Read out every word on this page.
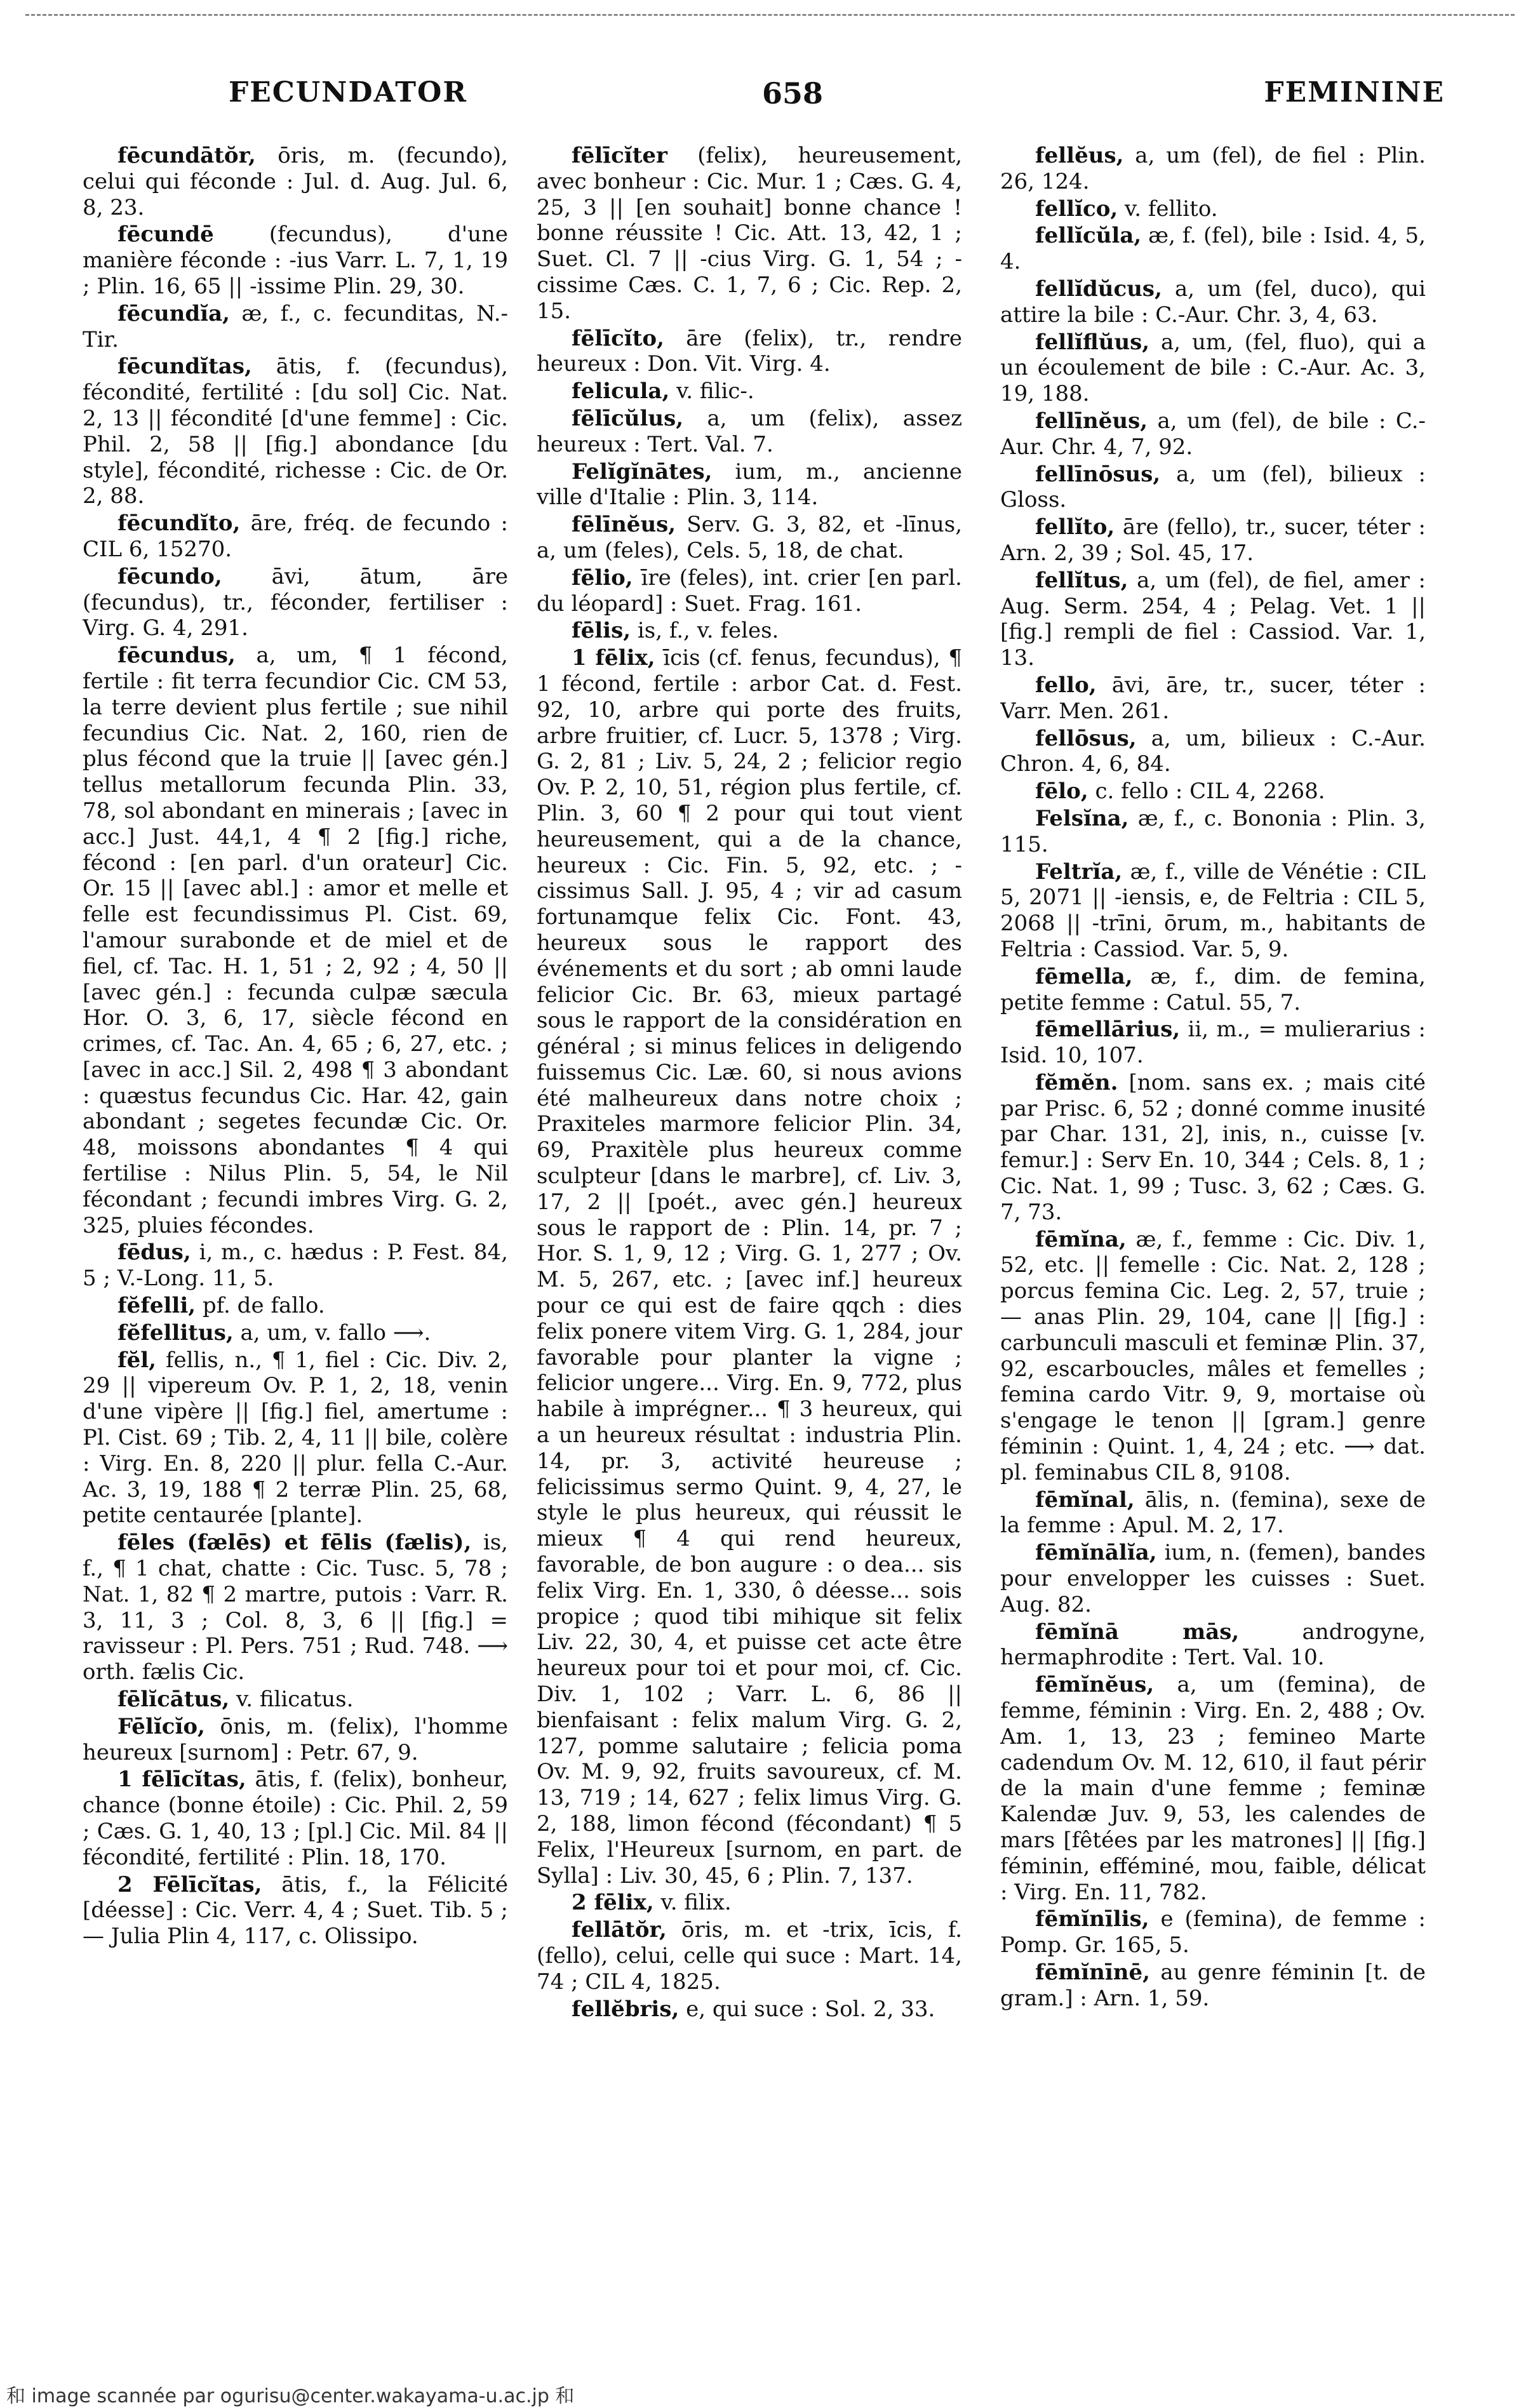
FECUNDATOR	658	FEMININE

fēcundātŏr, ōris, m. (fecundo), celui qui féconde : Jul. d. Aug. Jul. 6, 8, 23.

fēcundē	(fecundus), d'une manière féconde : -ius Varr. L. 7, 1, 19 ; Plin. 16, 65 || -issime Plin. 29, 30.

fēcundĭa, æ, f., c. fecunditas, N.-Tir.

fēcundĭtas, ātis, f. (fecundus), fécondité, fertilité : [du sol] Cic. Nat. 2, 13 || fécondité [d'une femme] : Cic. Phil. 2, 58 || [fig.] abondance [du style], fécondité, richesse : Cic. de Or. 2, 88.

fēcundĭto, āre, fréq. de fecundo : CIL 6, 15270.

fēcundo, āvi, ātum, āre (fecundus), tr., féconder, fertiliser : Virg. G. 4, 291.

fēcundus, a, um, ¶ 1 fécond, fertile : fit terra fecundior Cic. CM 53, la terre devient plus fertile ; sue nihil fecundius Cic. Nat. 2, 160, rien de plus fécond que la truie || [avec gén.] tellus metallorum fecunda Plin. 33, 78, sol abondant en minerais ; [avec in acc.] Just. 44,1, 4 ¶ 2 [fig.] riche, fécond : [en parl. d'un orateur] Cic. Or. 15 || [avec abl.] : amor et melle et felle est fecundissimus Pl. Cist. 69, l'amour surabonde et de miel et de fiel, cf. Tac. H. 1, 51 ; 2, 92 ; 4, 50 || [avec gén.] : fecunda culpæ sæcula Hor. O. 3, 6, 17, siècle fécond en crimes, cf. Tac. An. 4, 65 ; 6, 27, etc. ; [avec in acc.] Sil. 2, 498 ¶ 3 abondant : quæstus fecundus Cic. Har. 42, gain abondant ; segetes fecundæ Cic. Or. 48, moissons abondantes ¶ 4 qui fertilise : Nilus Plin. 5, 54, le Nil fécondant ; fecundi imbres Virg. G. 2, 325, pluies fécondes.

fēdus, i, m., c. hædus : P. Fest. 84, 5 ; V.-Long. 11, 5.

fĕfelli, pf. de fallo.

fĕfellitus, a, um, v. fallo ⟶.

fĕl, fellis, n., ¶ 1, fiel : Cic. Div. 2, 29 || vipereum Ov. P. 1, 2, 18, venin d'une vipère || [fig.] fiel, amertume : Pl. Cist. 69 ; Tib. 2, 4, 11 || bile, colère : Virg. En. 8, 220 || plur. fella C.-Aur. Ac. 3, 19, 188 ¶ 2 terræ Plin. 25, 68, petite centaurée [plante].

fēles (fælēs) et fēlis (fælis), is, f., ¶ 1 chat, chatte : Cic. Tusc. 5, 78 ; Nat. 1, 82 ¶ 2 martre, putois : Varr. R. 3, 11, 3 ; Col. 8, 3, 6 || [fig.] = ravisseur : Pl. Pers. 751 ; Rud. 748. ⟶ orth. fælis Cic.

fēlĭcātus, v. filicatus.

Fēlĭcĭo, ōnis, m. (felix), l'homme heureux [surnom] : Petr. 67, 9.

1 fēlīcĭtas, ātis, f. (felix), bonheur, chance (bonne étoile) : Cic. Phil. 2, 59 ; Cæs. G. 1, 40, 13 ; [pl.] Cic. Mil. 84 || fécondité, fertilité : Plin. 18, 170.

2 Fēlīcĭtas, ātis, f., la Félicité [déesse] : Cic. Verr. 4, 4 ; Suet. Tib. 5 ; — Julia Plin 4, 117, c. Olissipo.

fēlīcĭter (felix), heureusement, avec bonheur : Cic. Mur. 1 ; Cæs. G. 4, 25, 3 || [en souhait] bonne chance ! bonne réussite ! Cic. Att. 13, 42, 1 ; Suet. Cl. 7 || -cius Virg. G. 1, 54 ; -cissime Cæs. C. 1, 7, 6 ; Cic. Rep. 2, 15.

fēlīcĭto, āre (felix), tr., rendre heureux : Don. Vit. Virg. 4.

felicula, v. filic-.

fēlīcŭlus, a, um (felix), assez heureux : Tert. Val. 7.

Felĭgĭnātes, ium, m., ancienne ville d'Italie : Plin. 3, 114.

fēlīnĕus, Serv. G. 3, 82, et -līnus, a, um (feles), Cels. 5, 18, de chat.

fēlio, īre (feles), int. crier [en parl. du léopard] : Suet. Frag. 161.

fēlis, is, f., v. feles.

1 fēlix, īcis (cf. fenus, fecundus), ¶ 1 fécond, fertile : arbor Cat. d. Fest. 92, 10, arbre qui porte des fruits, arbre fruitier, cf. Lucr. 5, 1378 ; Virg. G. 2, 81 ; Liv. 5, 24, 2 ; felicior regio Ov. P. 2, 10, 51, région plus fertile, cf. Plin. 3, 60 ¶ 2 pour qui tout vient heureusement, qui a de la chance, heureux : Cic. Fin. 5, 92, etc. ; -cissimus Sall. J. 95, 4 ; vir ad casum fortunamque felix Cic. Font. 43, heureux sous le rapport des événements et du sort ; ab omni laude felicior Cic. Br. 63, mieux partagé sous le rapport de la considération en général ; si minus felices in deligendo fuissemus Cic. Læ. 60, si nous avions été malheureux dans notre choix ; Praxiteles marmore felicior Plin. 34, 69, Praxitèle plus heureux comme sculpteur [dans le marbre], cf. Liv. 3, 17, 2 || [poét., avec gén.] heureux sous le rapport de : Plin. 14, pr. 7 ; Hor. S. 1, 9, 12 ; Virg. G. 1, 277 ; Ov. M. 5, 267, etc. ; [avec inf.] heureux pour ce qui est de faire qqch : dies felix ponere vitem Virg. G. 1, 284, jour favorable pour planter la vigne ; felicior ungere... Virg. En. 9, 772, plus habile à imprégner... ¶ 3 heureux, qui a un heureux résultat : industria Plin. 14, pr. 3, activité heureuse ; felicissimus sermo Quint. 9, 4, 27, le style le plus heureux, qui réussit le mieux ¶ 4 qui rend heureux, favorable, de bon augure : o dea... sis felix Virg. En. 1, 330, ô déesse... sois propice ; quod tibi mihique sit felix Liv. 22, 30, 4, et puisse cet acte être heureux pour toi et pour moi, cf. Cic. Div. 1, 102 ; Varr. L. 6, 86 || bienfaisant : felix malum Virg. G. 2, 127, pomme salutaire ; felicia poma Ov. M. 9, 92, fruits savoureux, cf. M. 13, 719 ; 14, 627 ; felix limus Virg. G. 2, 188, limon fécond (fécondant) ¶ 5 Felix, l'Heureux [surnom, en part. de Sylla] : Liv. 30, 45, 6 ; Plin. 7, 137.

2 fēlix, v. filix.

fellātŏr, ōris, m. et -trix, īcis, f. (fello), celui, celle qui suce : Mart. 14, 74 ; CIL 4, 1825.

fellĕbris, e, qui suce : Sol. 2, 33.

fellĕus, a, um (fel), de fiel : Plin. 26, 124.

fellĭco, v. fellito.

fellĭcŭla, æ, f. (fel), bile : Isid. 4, 5, 4.

fellĭdŭcus, a, um (fel, duco), qui attire la bile : C.-Aur. Chr. 3, 4, 63.

fellĭflŭus, a, um, (fel, fluo), qui a un écoulement de bile : C.-Aur. Ac. 3, 19, 188.

fellīnĕus, a, um (fel), de bile : C.-Aur. Chr. 4, 7, 92.

fellīnōsus, a, um (fel), bilieux : Gloss.

fellĭto, āre (fello), tr., sucer, téter : Arn. 2, 39 ; Sol. 45, 17.

fellĭtus, a, um (fel), de fiel, amer : Aug. Serm. 254, 4 ; Pelag. Vet. 1 || [fig.] rempli de fiel : Cassiod. Var. 1, 13.

fello, āvi, āre, tr., sucer, téter : Varr. Men. 261.

fellōsus, a, um, bilieux : C.-Aur. Chron. 4, 6, 84.

fēlo, c. fello : CIL 4, 2268.

Felsĭna, æ, f., c. Bononia : Plin. 3, 115.

Feltrĭa, æ, f., ville de Vénétie : CIL 5, 2071 || -iensis, e, de Feltria : CIL 5, 2068 || -trīni, ōrum, m., habitants de Feltria : Cassiod. Var. 5, 9.

fēmella, æ, f., dim. de femina, petite femme : Catul. 55, 7.

fēmellārius, ii, m., = mulierarius : Isid. 10, 107.

fĕmĕn. [nom. sans ex. ; mais cité par Prisc. 6, 52 ; donné comme inusité par Char. 131, 2], inis, n., cuisse [v. femur.] : Serv En. 10, 344 ; Cels. 8, 1 ; Cic. Nat. 1, 99 ; Tusc. 3, 62 ; Cæs. G. 7, 73.

fēmĭna, æ, f., femme : Cic. Div. 1, 52, etc. || femelle : Cic. Nat. 2, 128 ; porcus femina Cic. Leg. 2, 57, truie ; — anas Plin. 29, 104, cane || [fig.] : carbunculi masculi et feminæ Plin. 37, 92, escarboucles, mâles et femelles ; femina cardo Vitr. 9, 9, mortaise où s'engage le tenon || [gram.] genre féminin : Quint. 1, 4, 24 ; etc. ⟶ dat. pl. feminabus CIL 8, 9108.

fēmĭnal, ālis, n. (femina), sexe de la femme : Apul. M. 2, 17.

fēmĭnālĭa, ium, n. (femen), bandes pour envelopper les cuisses : Suet. Aug. 82.

fēmĭnā mās,	androgyne, hermaphrodite : Tert. Val. 10.

fēmĭnĕus, a, um (femina), de femme, féminin : Virg. En. 2, 488 ; Ov. Am. 1, 13, 23 ; femineo Marte cadendum Ov. M. 12, 610, il faut périr de la main d'une femme ; feminæ Kalendæ Juv. 9, 53, les calendes de mars [fêtées par les matrones] || [fig.] féminin, efféminé, mou, faible, délicat : Virg. En. 11, 782.

fēmĭnīlis, e (femina), de femme : Pomp. Gr. 165, 5.

fēmĭnīnē, au genre féminin [t. de gram.] : Arn. 1, 59.

和 image scannée par ogurisu@center.wakayama-u.ac.jp 和
